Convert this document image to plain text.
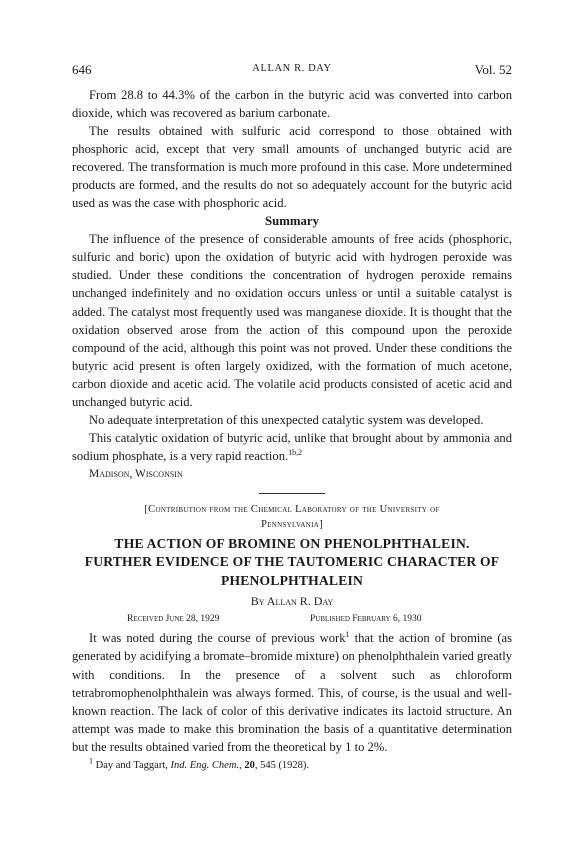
646	ALLAN R. DAY	Vol. 52

From 28.8 to 44.3% of the carbon in the butyric acid was converted into carbon dioxide, which was recovered as barium carbonate.

The results obtained with sulfuric acid correspond to those obtained with phosphoric acid, except that very small amounts of unchanged butyric acid are recovered. The transformation is much more profound in this case. More undetermined products are formed, and the results do not so adequately account for the butyric acid used as was the case with phosphoric acid.

Summary

The influence of the presence of considerable amounts of free acids (phosphoric, sulfuric and boric) upon the oxidation of butyric acid with hydrogen peroxide was studied. Under these conditions the concentration of hydrogen peroxide remains unchanged indefinitely and no oxidation occurs unless or until a suitable catalyst is added. The catalyst most frequently used was manganese dioxide. It is thought that the oxidation observed arose from the action of this compound upon the peroxide compound of the acid, although this point was not proved. Under these conditions the butyric acid present is often largely oxidized, with the formation of much acetone, carbon dioxide and acetic acid. The volatile acid products consisted of acetic acid and unchanged butyric acid.

No adequate interpretation of this unexpected catalytic system was developed.

This catalytic oxidation of butyric acid, unlike that brought about by ammonia and sodium phosphate, is a very rapid reaction.$^{1b,2}$

Madison, Wisconsin
[Contribution from the Chemical Laboratory of the University of
Pennsylvania]
THE ACTION OF BROMINE ON PHENOLPHTHALEIN.
FURTHER EVIDENCE OF THE TAUTOMERIC CHARACTER OF
PHENOLPHTHALEIN
By Allan R. Day
Received June 28, 1929	Published February 6, 1930

It was noted during the course of previous work$^1$ that the action of bromine (as generated by acidifying a bromate–bromide mixture) on phenolphthalein varied greatly with conditions. In the presence of a solvent such as chloroform tetrabromophenolphthalein was always formed. This, of course, is the usual and well-known reaction. The lack of color of this derivative indicates its lactoid structure. An attempt was made to make this bromination the basis of a quantitative determination but the results obtained varied from the theoretical by 1 to 2%.

$^1$ Day and Taggart, Ind. Eng. Chem., 20, 545 (1928).
